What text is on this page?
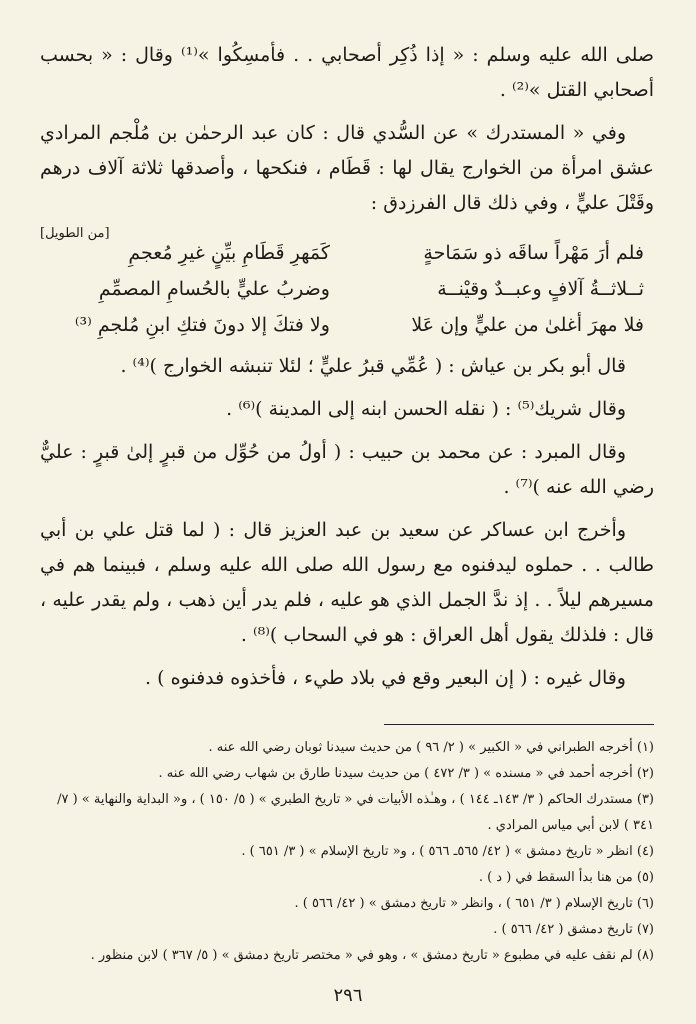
صلى الله عليه وسلم : « إذا ذُكِر أصحابي . . فأمسِكُوا »⁽¹⁾ وقال : « بحسب أصحابي القتل »⁽²⁾ .

وفي « المستدرك » عن السُّدي قال : كان عبد الرحمٰن بن مُلْجم المرادي عشق امرأة من الخوارج يقال لها : قَطَام ، فنكحها ، وأصدقها ثلاثة آلاف درهم وقَتْلَ عليٍّ ، وفي ذلك قال الفرزدق :

[من الطويل]
فلم أرَ مَهْراً ساقَه ذو سَمَاحةٍ
كَمَهرِ قَطَامِ بيِّنٍ غيرِ مُعجمِ
ثــلاثــةُ آلافٍ وعبــدٌ وقيْنــة
وضربُ عليٍّ بالحُسامِ المصمِّمِ
فلا مهرَ أغلىٰ من عليٍّ وإن عَلا
ولا فتكَ إلا دونَ فتكِ ابنِ مُلجمِ ⁽³⁾

قال أبو بكر بن عياش : ( عُمِّي قبرُ عليٍّ ؛ لئلا تنبشه الخوارج )⁽⁴⁾ .

وقال شريك⁽⁵⁾ : ( نقله الحسن ابنه إلى المدينة )⁽⁶⁾ .

وقال المبرد : عن محمد بن حبيب : ( أولُ من حُوِّل من قبرٍ إلىٰ قبرٍ : عليٌّ رضي الله عنه )⁽⁷⁾ .

وأخرج ابن عساكر عن سعيد بن عبد العزيز قال : ( لما قتل علي بن أبي طالب . . حملوه ليدفنوه مع رسول الله صلى الله عليه وسلم ، فبينما هم في مسيرهم ليلاً . . إذ ندَّ الجمل الذي هو عليه ، فلم يدر أين ذهب ، ولم يقدر عليه ، قال : فلذلك يقول أهل العراق : هو في السحاب )⁽⁸⁾ .

وقال غيره : ( إن البعير وقع في بلاد طيء ، فأخذوه فدفنوه ) .

(١) أخرجه الطبراني في « الكبير » ( ٢/ ٩٦ ) من حديث سيدنا ثوبان رضي الله عنه .
(٢) أخرجه أحمد في « مسنده » ( ٣/ ٤٧٢ ) من حديث سيدنا طارق بن شهاب رضي الله عنه .
(٣) مستدرك الحاكم ( ٣/ ١٤٣ـ ١٤٤ ) ، وهـٰذه الأبيات في « تاريخ الطبري » ( ٥/ ١٥٠ ) ، و« البداية والنهاية » ( ٧/ ٣٤١ ) لابن أبي مياس المرادي .
(٤) انظر « تاريخ دمشق » ( ٤٢/ ٥٦٥ـ ٥٦٦ ) ، و« تاريخ الإسلام » ( ٣/ ٦٥١ ) .
(٥) من هنا بدأ السقط في ( د ) .
(٦) تاريخ الإسلام ( ٣/ ٦٥١ ) ، وانظر « تاريخ دمشق » ( ٤٢/ ٥٦٦ ) .
(٧) تاريخ دمشق ( ٤٢/ ٥٦٦ ) .
(٨) لم نقف عليه في مطبوع « تاريخ دمشق » ، وهو في « مختصر تاريخ دمشق » ( ٥/ ٣٦٧ ) لابن منظور .
٢٩٦
